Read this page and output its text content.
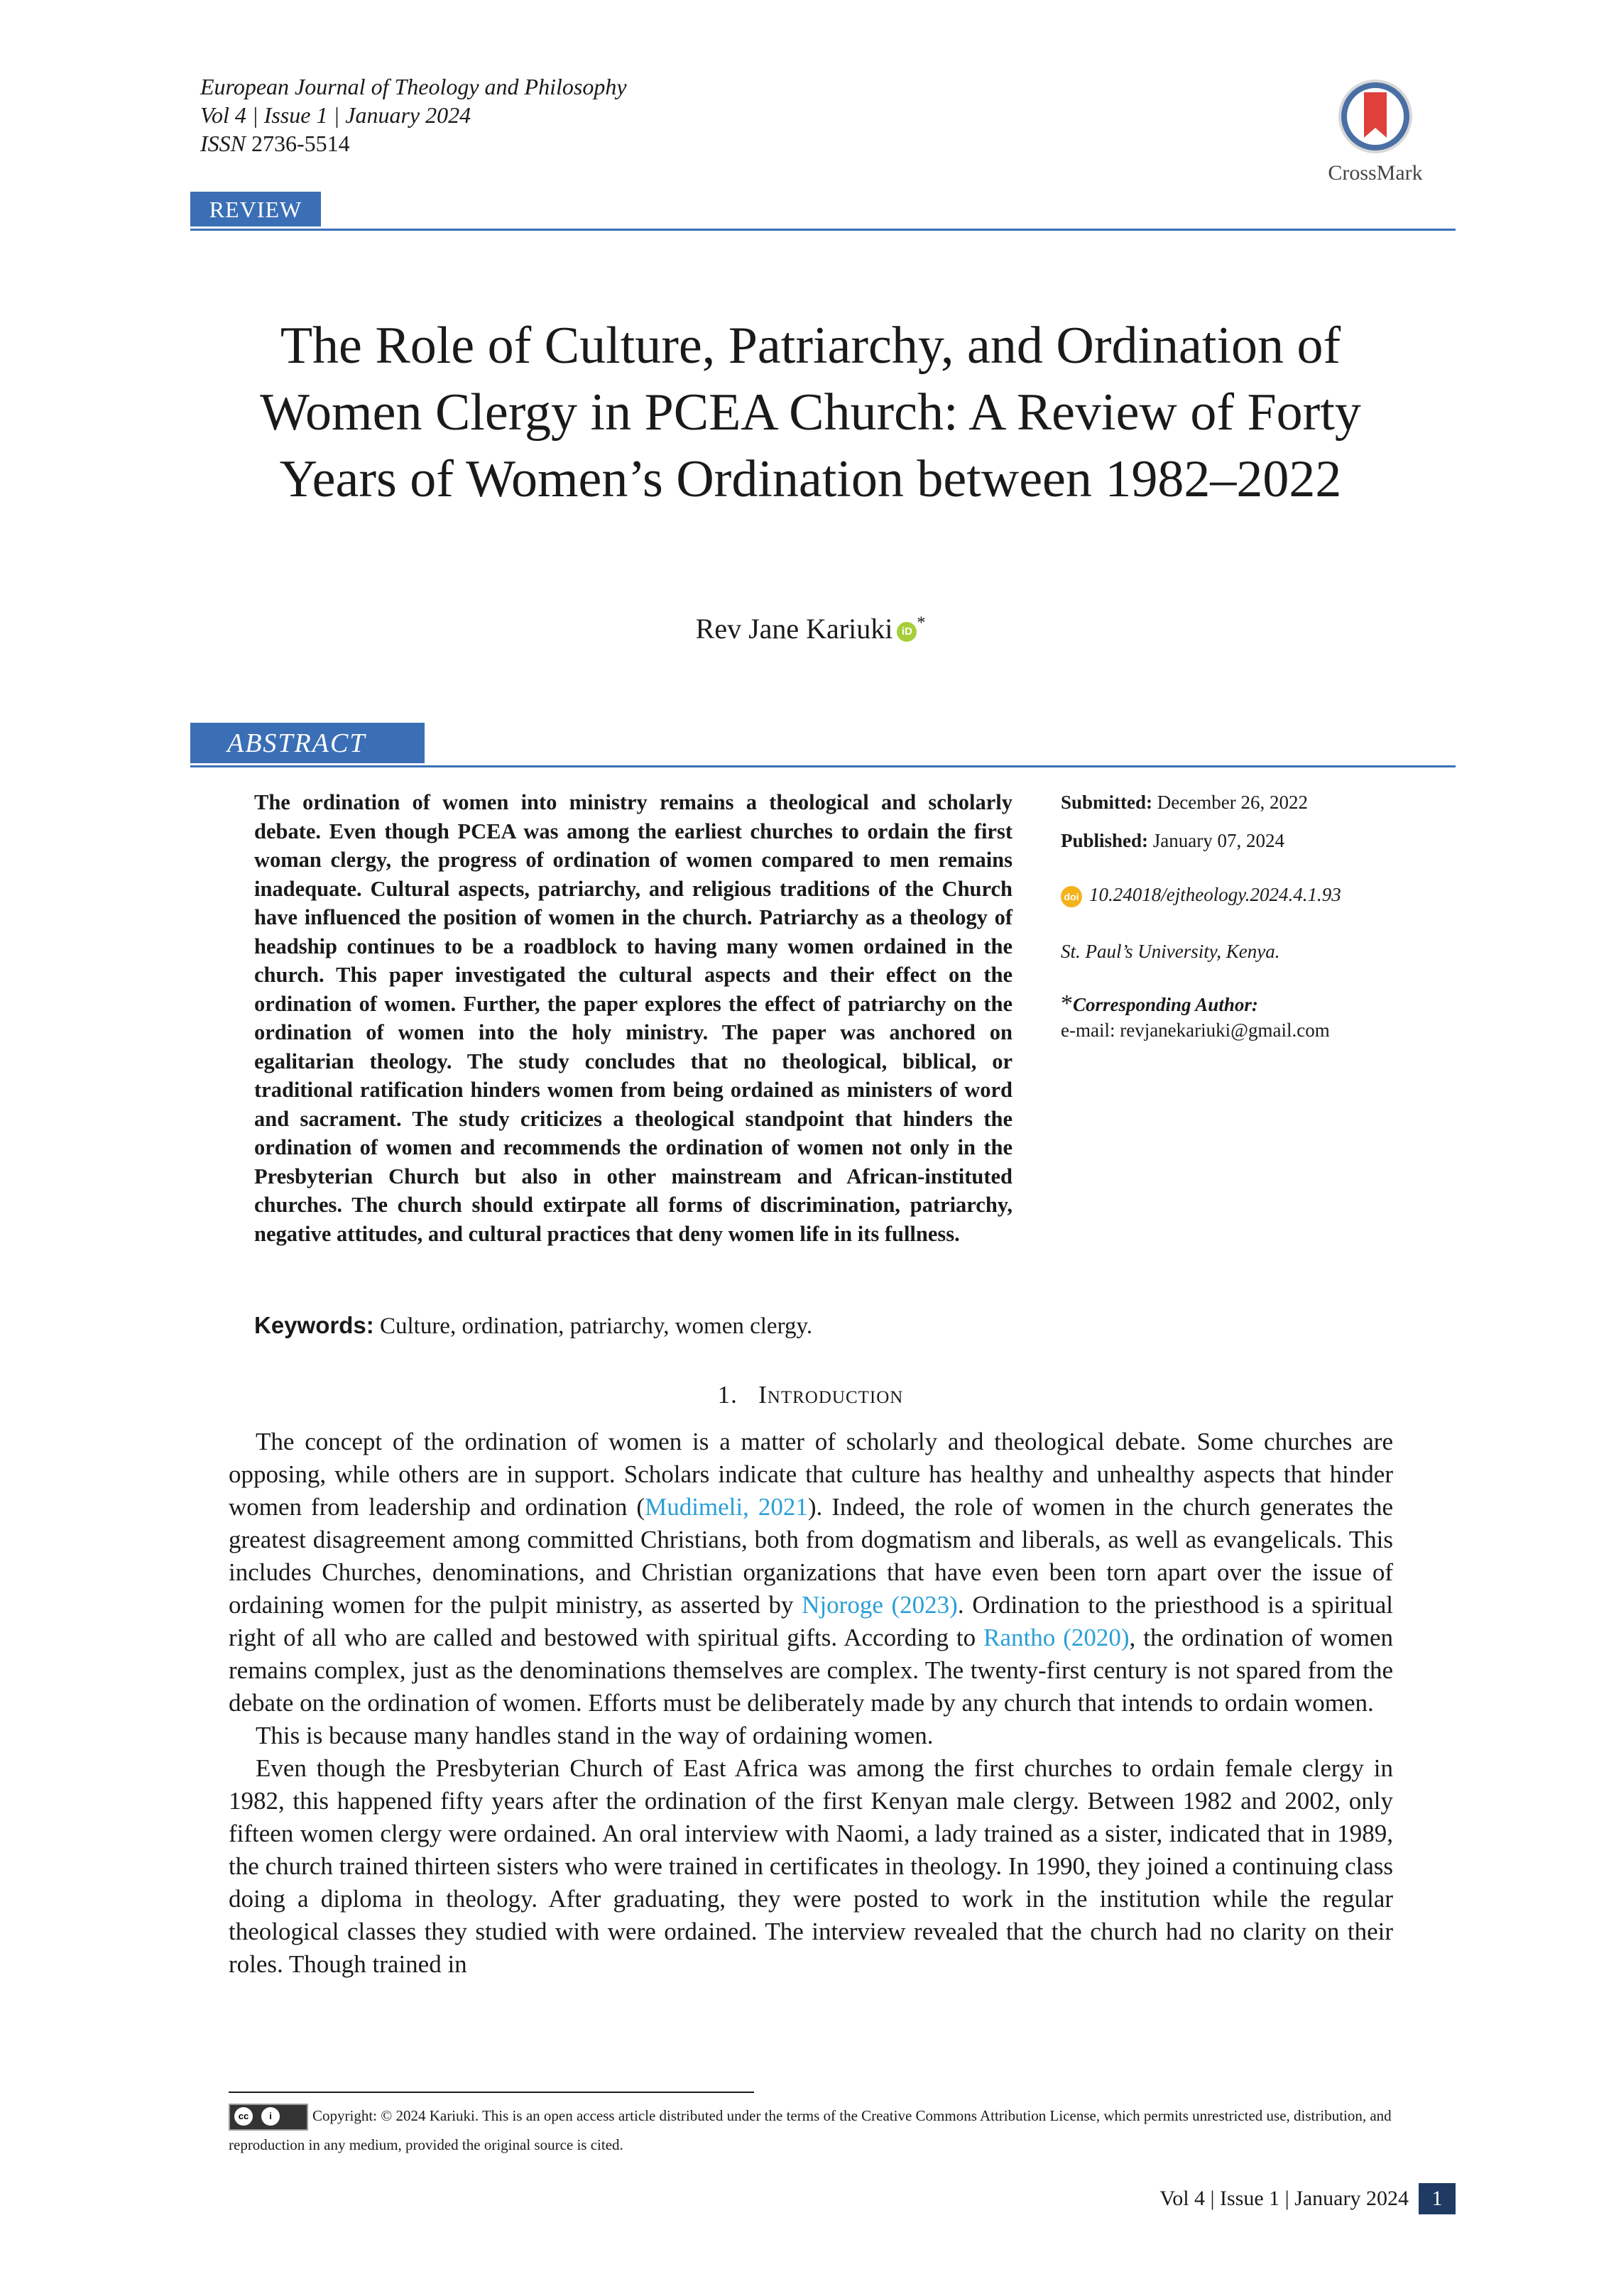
European Journal of Theology and Philosophy
Vol 4 | Issue 1 | January 2024
ISSN 2736-5514
CrossMark
REVIEW
The Role of Culture, Patriarchy, and Ordination of Women Clergy in PCEA Church: A Review of Forty Years of Women’s Ordination between 1982–2022
Rev Jane Kariuki iD *
ABSTRACT
The ordination of women into ministry remains a theological and scholarly debate. Even though PCEA was among the earliest churches to ordain the first woman clergy, the progress of ordination of women compared to men remains inadequate. Cultural aspects, patriarchy, and religious traditions of the Church have influenced the position of women in the church. Patriarchy as a theology of headship continues to be a roadblock to having many women ordained in the church. This paper investigated the cultural aspects and their effect on the ordination of women. Further, the paper explores the effect of patriarchy on the ordination of women into the holy ministry. The paper was anchored on egalitarian theology. The study concludes that no theological, biblical, or traditional ratification hinders women from being ordained as ministers of word and sacrament. The study criticizes a theological standpoint that hinders the ordination of women and recommends the ordination of women not only in the Presbyterian Church but also in other mainstream and African-instituted churches. The church should extirpate all forms of discrimination, patriarchy, negative attitudes, and cultural practices that deny women life in its fullness.
Submitted: December 26, 2022
Published: January 07, 2024
doi 10.24018/ejtheology.2024.4.1.93
St. Paul’s University, Kenya.
*Corresponding Author:
e-mail: revjanekariuki@gmail.com
Keywords: Culture, ordination, patriarchy, women clergy.
1. Introduction

The concept of the ordination of women is a matter of scholarly and theological debate. Some churches are opposing, while others are in support. Scholars indicate that culture has healthy and unhealthy aspects that hinder women from leadership and ordination (Mudimeli, 2021). Indeed, the role of women in the church generates the greatest disagreement among committed Christians, both from dogmatism and liberals, as well as evangelicals. This includes Churches, denominations, and Christian organizations that have even been torn apart over the issue of ordaining women for the pulpit ministry, as asserted by Njoroge (2023). Ordination to the priesthood is a spiritual right of all who are called and bestowed with spiritual gifts. According to Rantho (2020), the ordination of women remains complex, just as the denominations themselves are complex. The twenty-first century is not spared from the debate on the ordination of women. Efforts must be deliberately made by any church that intends to ordain women.

This is because many handles stand in the way of ordaining women.

Even though the Presbyterian Church of East Africa was among the first churches to ordain female clergy in 1982, this happened fifty years after the ordination of the first Kenyan male clergy. Between 1982 and 2002, only fifteen women clergy were ordained. An oral interview with Naomi, a lady trained as a sister, indicated that in 1989, the church trained thirteen sisters who were trained in certificates in theology. In 1990, they joined a continuing class doing a diploma in theology. After graduating, they were posted to work in the institution while the regular theological classes they studied with were ordained. The interview revealed that the church had no clarity on their roles. Though trained in

cc	i	Copyright: © 2024 Kariuki. This is an open access article distributed under the terms of the Creative Commons Attribution License, which permits unrestricted use, distribution, and reproduction in any medium, provided the original source is cited.
Vol 4 | Issue 1 | January 2024 1
